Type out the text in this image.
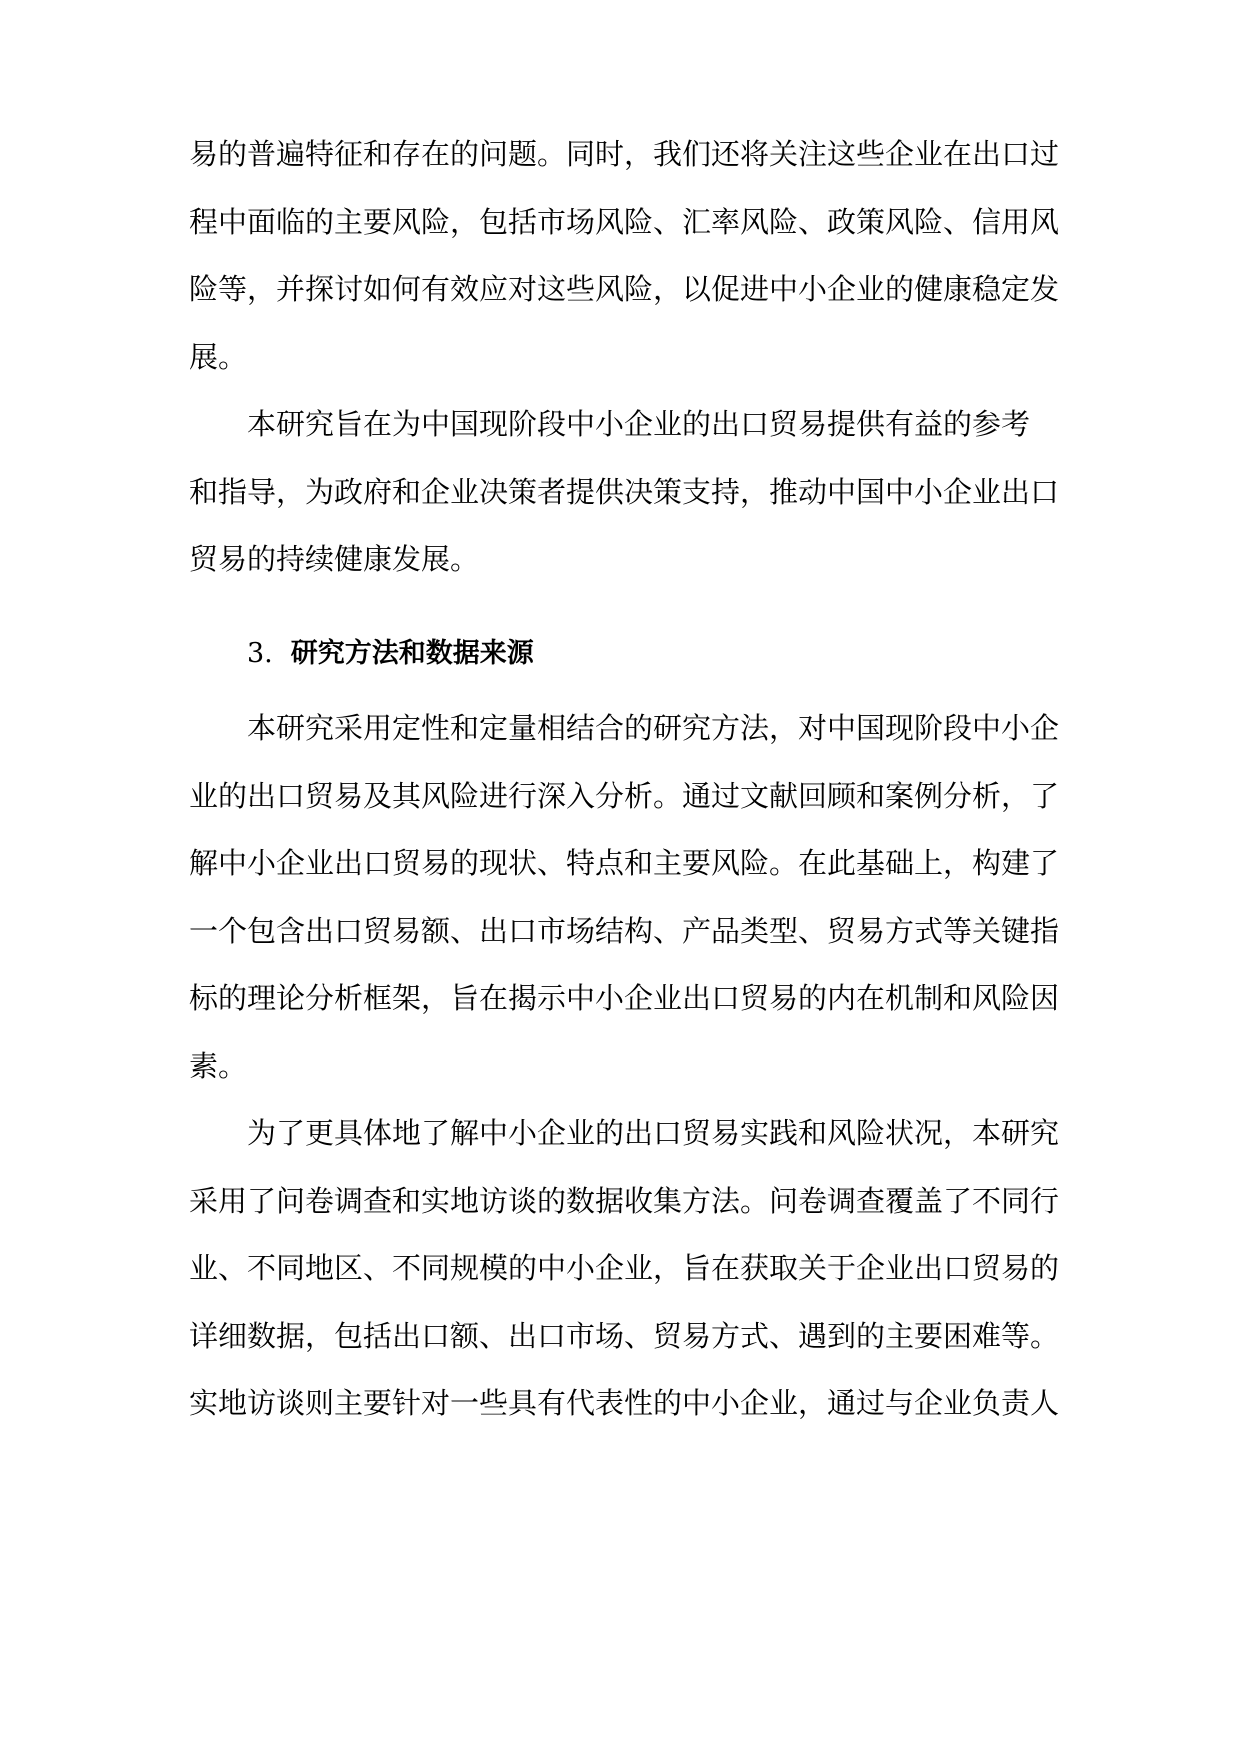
易的普遍特征和存在的问题。同时，我们还将关注这些企业在出口过
程中面临的主要风险，包括市场风险、汇率风险、政策风险、信用风
险等，并探讨如何有效应对这些风险，以促进中小企业的健康稳定发
展。
本研究旨在为中国现阶段中小企业的出口贸易提供有益的参考
和指导，为政府和企业决策者提供决策支持，推动中国中小企业出口
贸易的持续健康发展。
3. 研究方法和数据来源
本研究采用定性和定量相结合的研究方法，对中国现阶段中小企
业的出口贸易及其风险进行深入分析。通过文献回顾和案例分析，了
解中小企业出口贸易的现状、特点和主要风险。在此基础上，构建了
一个包含出口贸易额、出口市场结构、产品类型、贸易方式等关键指
标的理论分析框架，旨在揭示中小企业出口贸易的内在机制和风险因
素。
为了更具体地了解中小企业的出口贸易实践和风险状况，本研究
采用了问卷调查和实地访谈的数据收集方法。问卷调查覆盖了不同行
业、不同地区、不同规模的中小企业，旨在获取关于企业出口贸易的
详细数据，包括出口额、出口市场、贸易方式、遇到的主要困难等。
实地访谈则主要针对一些具有代表性的中小企业，通过与企业负责人
